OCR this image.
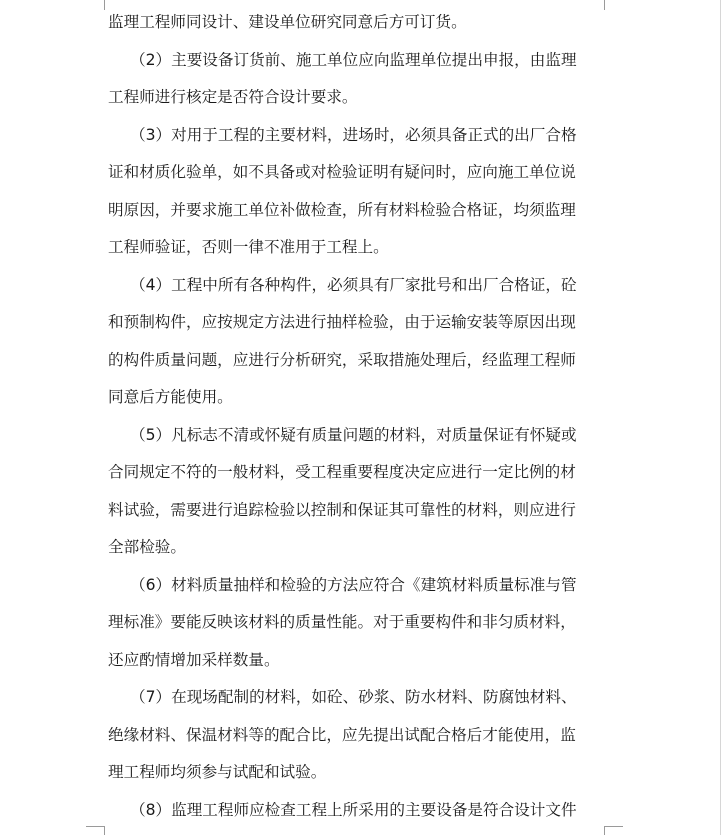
监理工程师同设计、建设单位研究同意后方可订货。
（2）主要设备订货前、施工单位应向监理单位提出申报，由监理
工程师进行核定是否符合设计要求。
（3）对用于工程的主要材料，进场时，必须具备正式的出厂合格
证和材质化验单，如不具备或对检验证明有疑问时，应向施工单位说
明原因，并要求施工单位补做检查，所有材料检验合格证，均须监理
工程师验证，否则一律不准用于工程上。
（4）工程中所有各种构件，必须具有厂家批号和出厂合格证，砼
和预制构件，应按规定方法进行抽样检验，由于运输安装等原因出现
的构件质量问题，应进行分析研究，采取措施处理后，经监理工程师
同意后方能使用。
（5）凡标志不清或怀疑有质量问题的材料，对质量保证有怀疑或
合同规定不符的一般材料，受工程重要程度决定应进行一定比例的材
料试验，需要进行追踪检验以控制和保证其可靠性的材料，则应进行
全部检验。
（6）材料质量抽样和检验的方法应符合《建筑材料质量标准与管
理标准》要能反映该材料的质量性能。对于重要构件和非匀质材料，
还应酌情增加采样数量。
（7）在现场配制的材料，如砼、砂浆、防水材料、防腐蚀材料、
绝缘材料、保温材料等的配合比，应先提出试配合格后才能使用，监
理工程师均须参与试配和试验。
（8）监理工程师应检查工程上所采用的主要设备是符合设计文件
